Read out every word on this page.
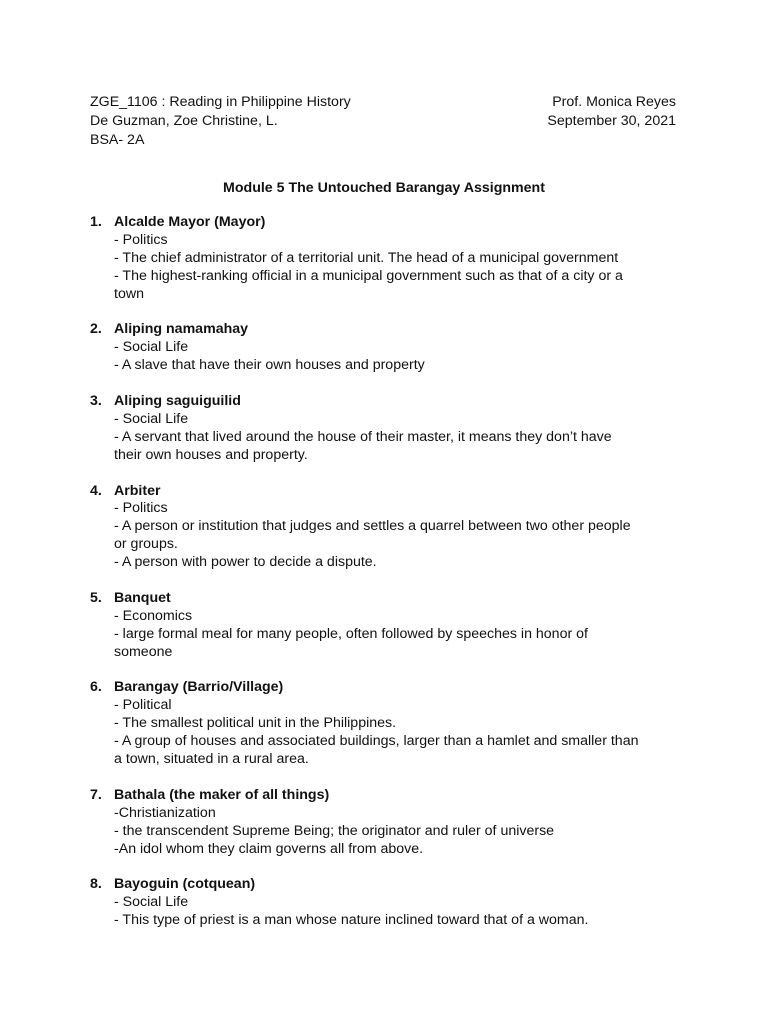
ZGE_1106 : Reading in Philippine History
De Guzman, Zoe Christine, L.
BSA- 2A
Prof. Monica Reyes
September 30, 2021
Module 5 The Untouched Barangay Assignment
1. Alcalde Mayor (Mayor)
- Politics
- The chief administrator of a territorial unit. The head of a municipal government
- The highest-ranking official in a municipal government such as that of a city or a
town
2. Aliping namamahay
- Social Life
- A slave that have their own houses and property
3. Aliping saguiguilid
- Social Life
- A servant that lived around the house of their master, it means they don’t have
their own houses and property.
4. Arbiter
- Politics
- A person or institution that judges and settles a quarrel between two other people
or groups.
- A person with power to decide a dispute.
5. Banquet
- Economics
- large formal meal for many people, often followed by speeches in honor of
someone
6. Barangay (Barrio/Village)
- Political
- The smallest political unit in the Philippines.
- A group of houses and associated buildings, larger than a hamlet and smaller than
a town, situated in a rural area.
7. Bathala (the maker of all things)
-Christianization
- the transcendent Supreme Being; the originator and ruler of universe
-An idol whom they claim governs all from above.
8. Bayoguin (cotquean)
- Social Life
- This type of priest is a man whose nature inclined toward that of a woman.
